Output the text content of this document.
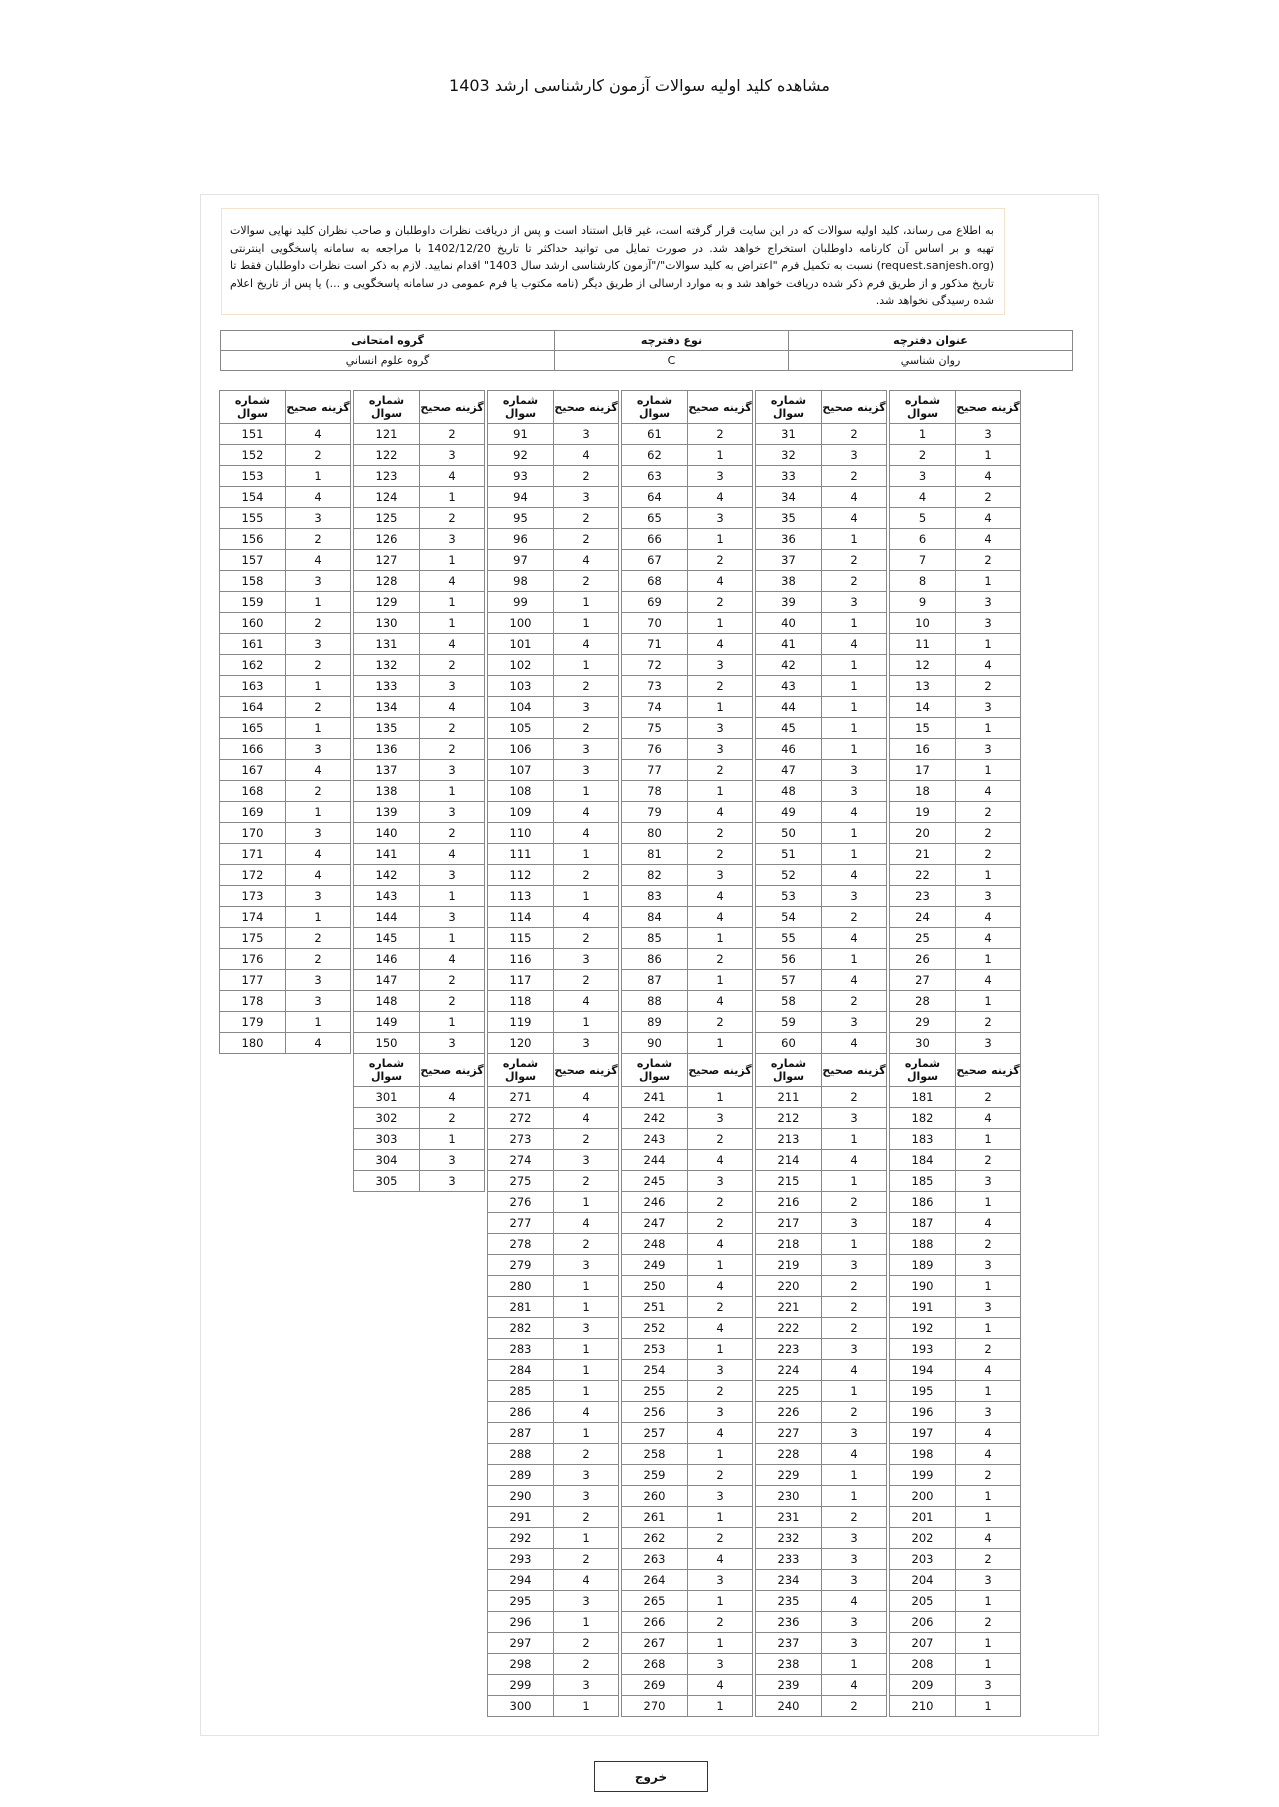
مشاهده کلید اولیه سوالات آزمون کارشناسی ارشد 1403
به اطلاع می رساند، کلید اولیه سوالات که در این سایت قرار گرفته است، غیر قابل استناد است و پس از دریافت نظرات داوطلبان و صاحب نظران کلید نهایی سوالات تهیه و بر اساس آن کارنامه داوطلبان استخراج خواهد شد. در صورت تمایل می توانید حداکثر تا تاریخ 1402/12/20 با مراجعه به سامانه پاسخگویی اینترنتی (request.sanjesh.org) نسبت به تکمیل فرم "اعتراض به کلید سوالات"/"آزمون کارشناسی ارشد سال 1403" اقدام نمایید. لازم به ذکر است نظرات داوطلبان فقط تا تاریخ مذکور و از طریق فرم ذکر شده دریافت خواهد شد و به موارد ارسالی از طریق دیگر (نامه مکتوب یا فرم عمومی در سامانه پاسخگویی و ...) یا پس از تاریخ اعلام شده رسیدگی نخواهد شد.
عنوان دفترچه	نوع دفترچه	گروه امتحانی
روان شناسي	C	گروه علوم انساني
گزینه صحیح	شماره سوال
3	1
1	2
4	3
2	4
4	5
4	6
2	7
1	8
3	9
3	10
1	11
4	12
2	13
3	14
1	15
3	16
1	17
4	18
2	19
2	20
2	21
1	22
3	23
4	24
4	25
1	26
4	27
1	28
2	29
3	30
گزینه صحیح	شماره سوال
2	31
3	32
2	33
4	34
4	35
1	36
2	37
2	38
3	39
1	40
4	41
1	42
1	43
1	44
1	45
1	46
3	47
3	48
4	49
1	50
1	51
4	52
3	53
2	54
4	55
1	56
4	57
2	58
3	59
4	60
گزینه صحیح	شماره سوال
2	61
1	62
3	63
4	64
3	65
1	66
2	67
4	68
2	69
1	70
4	71
3	72
2	73
1	74
3	75
3	76
2	77
1	78
4	79
2	80
2	81
3	82
4	83
4	84
1	85
2	86
1	87
4	88
2	89
1	90
گزینه صحیح	شماره سوال
3	91
4	92
2	93
3	94
2	95
2	96
4	97
2	98
1	99
1	100
4	101
1	102
2	103
3	104
2	105
3	106
3	107
1	108
4	109
4	110
1	111
2	112
1	113
4	114
2	115
3	116
2	117
4	118
1	119
3	120
گزینه صحیح	شماره سوال
2	121
3	122
4	123
1	124
2	125
3	126
1	127
4	128
1	129
1	130
4	131
2	132
3	133
4	134
2	135
2	136
3	137
1	138
3	139
2	140
4	141
3	142
1	143
3	144
1	145
4	146
2	147
2	148
1	149
3	150
گزینه صحیح	شماره سوال
4	151
2	152
1	153
4	154
3	155
2	156
4	157
3	158
1	159
2	160
3	161
2	162
1	163
2	164
1	165
3	166
4	167
2	168
1	169
3	170
4	171
4	172
3	173
1	174
2	175
2	176
3	177
3	178
1	179
4	180
گزینه صحیح	شماره سوال
2	181
4	182
1	183
2	184
3	185
1	186
4	187
2	188
3	189
1	190
3	191
1	192
2	193
4	194
1	195
3	196
4	197
4	198
2	199
1	200
1	201
4	202
2	203
3	204
1	205
2	206
1	207
1	208
3	209
1	210
گزینه صحیح	شماره سوال
2	211
3	212
1	213
4	214
1	215
2	216
3	217
1	218
3	219
2	220
2	221
2	222
3	223
4	224
1	225
2	226
3	227
4	228
1	229
1	230
2	231
3	232
3	233
3	234
4	235
3	236
3	237
1	238
4	239
2	240
گزینه صحیح	شماره سوال
1	241
3	242
2	243
4	244
3	245
2	246
2	247
4	248
1	249
4	250
2	251
4	252
1	253
3	254
2	255
3	256
4	257
1	258
2	259
3	260
1	261
2	262
4	263
3	264
1	265
2	266
1	267
3	268
4	269
1	270
گزینه صحیح	شماره سوال
4	271
4	272
2	273
3	274
2	275
1	276
4	277
2	278
3	279
1	280
1	281
3	282
1	283
1	284
1	285
4	286
1	287
2	288
3	289
3	290
2	291
1	292
2	293
4	294
3	295
1	296
2	297
2	298
3	299
1	300
گزینه صحیح	شماره سوال
4	301
2	302
1	303
3	304
3	305
خروج
